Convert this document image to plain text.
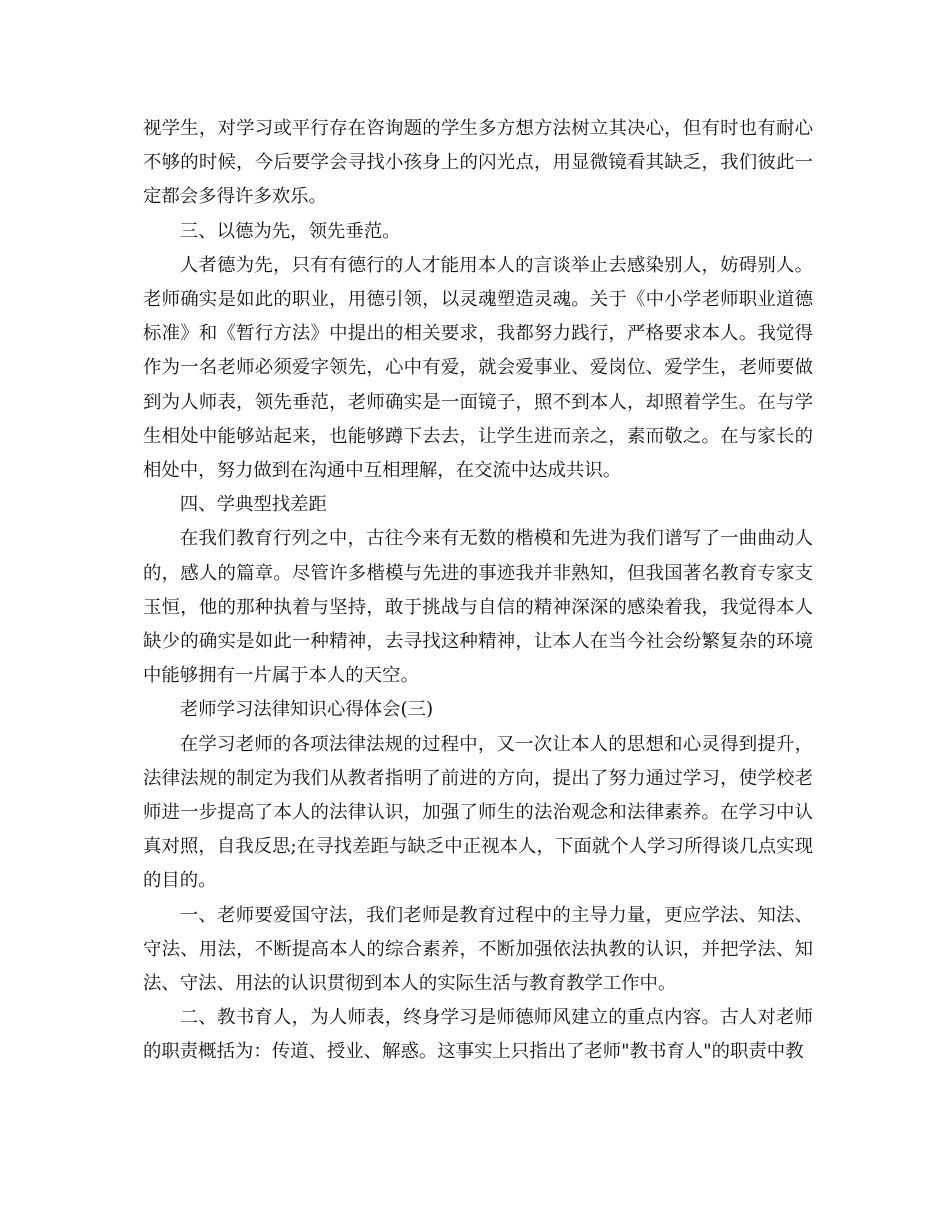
视学生，对学习或平行存在咨询题的学生多方想方法树立其决心，但有时也有耐心不够的时候，今后要学会寻找小孩身上的闪光点，用显微镜看其缺乏，我们彼此一定都会多得许多欢乐。

三、以德为先，领先垂范。

人者德为先，只有有德行的人才能用本人的言谈举止去感染别人，妨碍别人。老师确实是如此的职业，用德引领，以灵魂塑造灵魂。关于《中小学老师职业道德标准》和《暂行方法》中提出的相关要求，我都努力践行，严格要求本人。我觉得作为一名老师必须爱字领先，心中有爱，就会爱事业、爱岗位、爱学生，老师要做到为人师表，领先垂范，老师确实是一面镜子，照不到本人，却照着学生。在与学生相处中能够站起来，也能够蹲下去去，让学生进而亲之，素而敬之。在与家长的相处中，努力做到在沟通中互相理解，在交流中达成共识。

四、学典型找差距

在我们教育行列之中，古往今来有无数的楷模和先进为我们谱写了一曲曲动人的，感人的篇章。尽管许多楷模与先进的事迹我并非熟知，但我国著名教育专家支玉恒，他的那种执着与坚持，敢于挑战与自信的精神深深的感染着我，我觉得本人缺少的确实是如此一种精神，去寻找这种精神，让本人在当今社会纷繁复杂的环境中能够拥有一片属于本人的天空。

老师学习法律知识心得体会(三)

在学习老师的各项法律法规的过程中，又一次让本人的思想和心灵得到提升，法律法规的制定为我们从教者指明了前进的方向，提出了努力通过学习，使学校老师进一步提高了本人的法律认识，加强了师生的法治观念和法律素养。在学习中认真对照，自我反思;在寻找差距与缺乏中正视本人，下面就个人学习所得谈几点实现的目的。

一、老师要爱国守法，我们老师是教育过程中的主导力量，更应学法、知法、守法、用法，不断提高本人的综合素养，不断加强依法执教的认识，并把学法、知法、守法、用法的认识贯彻到本人的实际生活与教育教学工作中。

二、教书育人，为人师表，终身学习是师德师风建立的重点内容。古人对老师的职责概括为：传道、授业、解惑。这事实上只指出了老师"教书育人"的职责中教
